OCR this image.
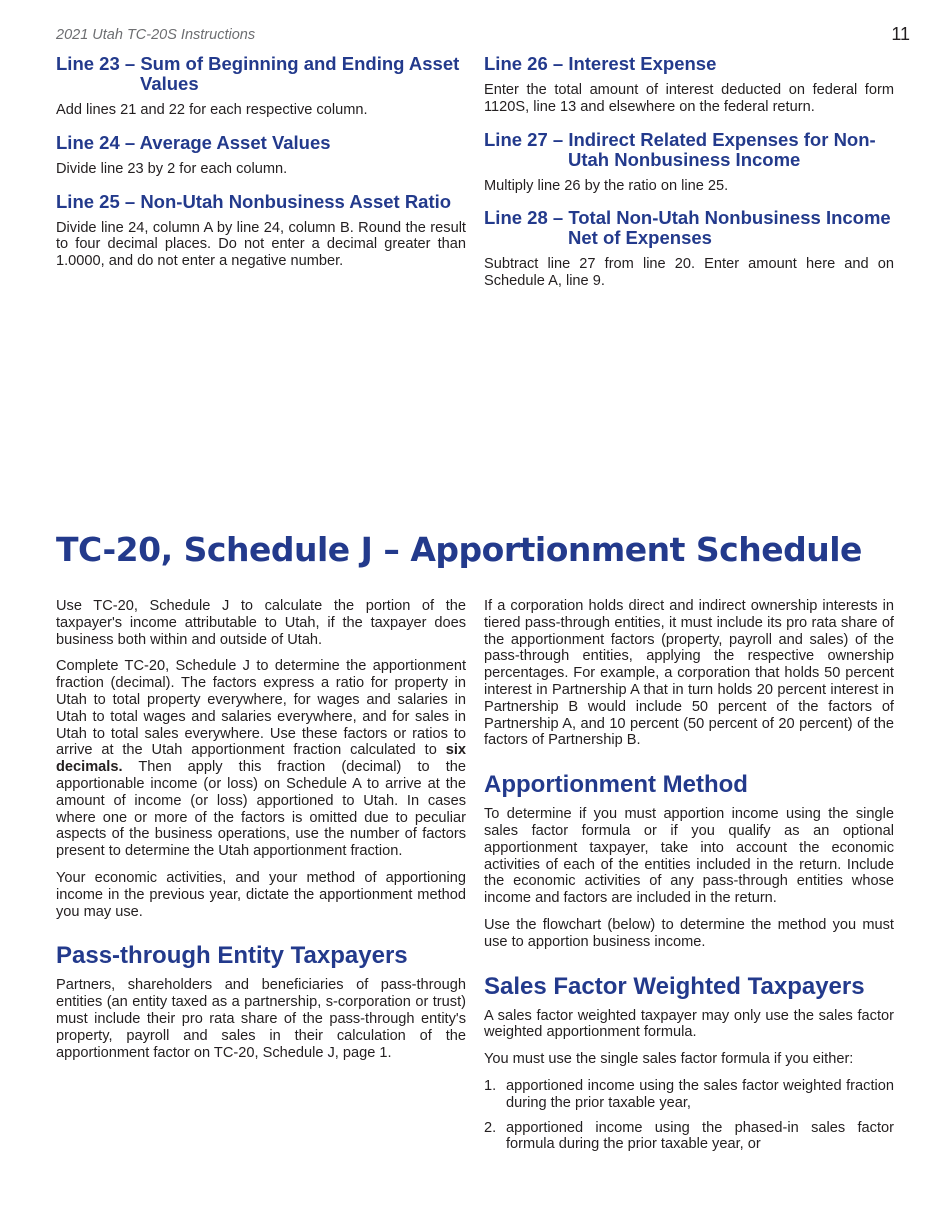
2021 Utah TC-20S Instructions	11
Line 23 – Sum of Beginning and Ending Asset Values

Add lines 21 and 22 for each respective column.

Line 24 – Average Asset Values

Divide line 23 by 2 for each column.

Line 25 – Non-Utah Nonbusiness Asset Ratio

Divide line 24, column A by line 24, column B. Round the result to four decimal places. Do not enter a decimal greater than 1.0000, and do not enter a negative number.

Line 26 – Interest Expense

Enter the total amount of interest deducted on federal form 1120S, line 13 and elsewhere on the federal return.

Line 27 – Indirect Related Expenses for Non-Utah Nonbusiness Income

Multiply line 26 by the ratio on line 25.

Line 28 – Total Non-Utah Nonbusiness Income Net of Expenses

Subtract line 27 from line 20. Enter amount here and on Schedule A, line 9.

TC-20, Schedule J – Apportionment Schedule

Use TC-20, Schedule J to calculate the portion of the taxpayer's income attributable to Utah, if the taxpayer does business both within and outside of Utah.

Complete TC-20, Schedule J to determine the apportionment fraction (decimal). The factors express a ratio for property in Utah to total property everywhere, for wages and salaries in Utah to total wages and salaries everywhere, and for sales in Utah to total sales everywhere. Use these factors or ratios to arrive at the Utah apportionment fraction calculated to six decimals. Then apply this fraction (decimal) to the apportionable income (or loss) on Schedule A to arrive at the amount of income (or loss) apportioned to Utah. In cases where one or more of the factors is omitted due to peculiar aspects of the business operations, use the number of factors present to determine the Utah apportionment fraction.

Your economic activities, and your method of apportioning income in the previous year, dictate the apportionment method you may use.

Pass-through Entity Taxpayers

Partners, shareholders and beneficiaries of pass-through entities (an entity taxed as a partnership, s-corporation or trust) must include their pro rata share of the pass-through entity's property, payroll and sales in their calculation of the apportionment factor on TC-20, Schedule J, page 1.

If a corporation holds direct and indirect ownership interests in tiered pass-through entities, it must include its pro rata share of the apportionment factors (property, payroll and sales) of the pass-through entities, applying the respective ownership percentages. For example, a corporation that holds 50 percent interest in Partnership A that in turn holds 20 percent interest in Partnership B would include 50 percent of the factors of Partnership A, and 10 percent (50 percent of 20 percent) of the factors of Partnership B.

Apportionment Method

To determine if you must apportion income using the single sales factor formula or if you qualify as an optional apportionment taxpayer, take into account the economic activities of each of the entities included in the return. Include the economic activities of any pass-through entities whose income and factors are included in the return.

Use the flowchart (below) to determine the method you must use to apportion business income.

Sales Factor Weighted Taxpayers

A sales factor weighted taxpayer may only use the sales factor weighted apportionment formula.

You must use the single sales factor formula if you either:

1. apportioned income using the sales factor weighted fraction during the prior taxable year,
2. apportioned income using the phased-in sales factor formula during the prior taxable year, or
